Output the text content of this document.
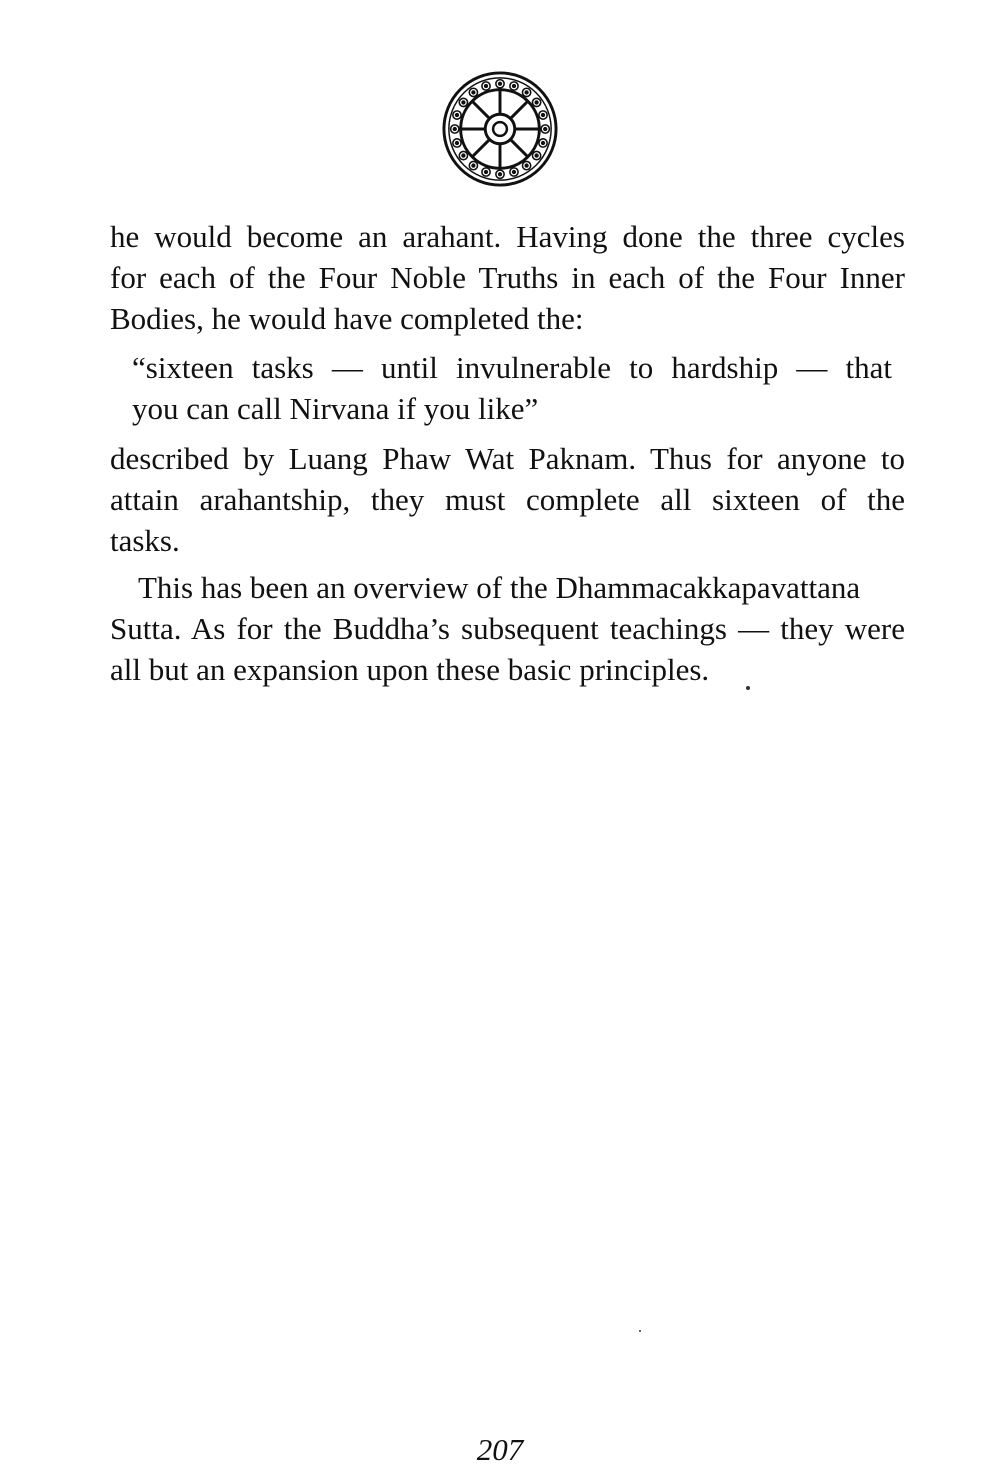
he would become an arahant. Having done the three cycles
for each of the Four Noble Truths in each of the Four Inner
Bodies, he would have completed the:

“sixteen tasks — until invulnerable to hardship — that
you can call Nirvana if you like”

described by Luang Phaw Wat Paknam. Thus for anyone to
attain arahantship, they must complete all sixteen of the
tasks.

This has been an overview of the Dhammacakkapavattana
Sutta. As for the Buddha’s subsequent teachings — they were
all but an expansion upon these basic principles.

207
